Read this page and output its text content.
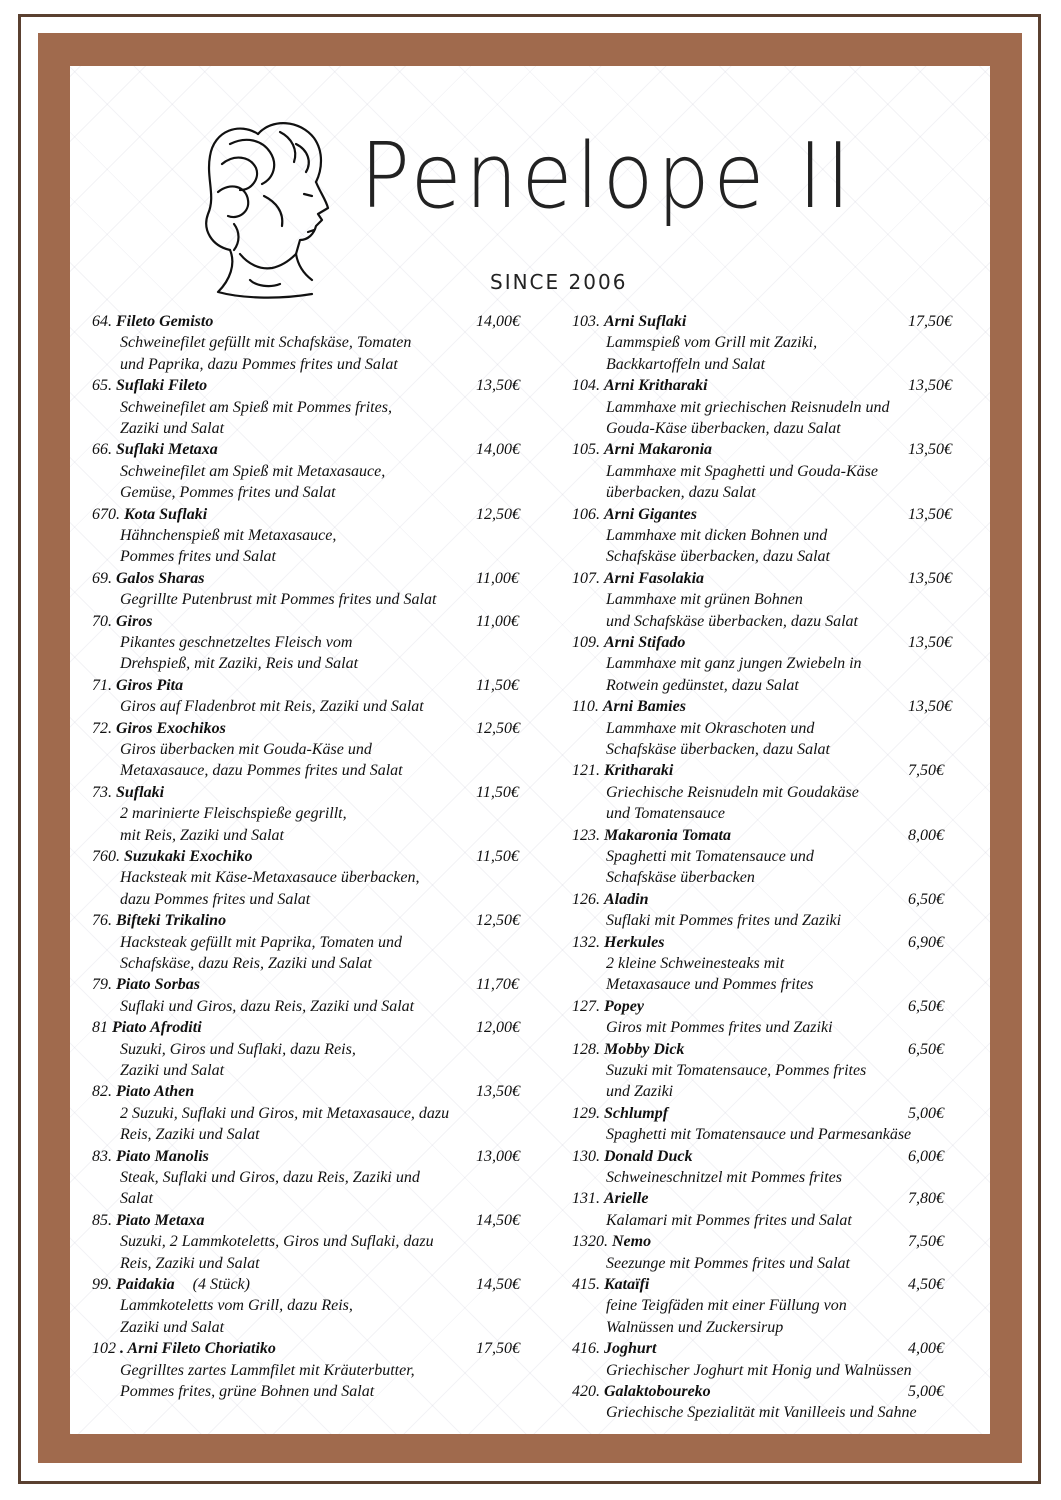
Penelope II
SINCE 2006
64. Fileto Gemisto	14,00€
Schweinefilet gefüllt mit Schafskäse, Tomaten
und Paprika, dazu Pommes frites und Salat
65. Suflaki Fileto	13,50€
Schweinefilet am Spieß mit Pommes frites,
Zaziki und Salat
66. Suflaki Metaxa	14,00€
Schweinefilet am Spieß mit Metaxasauce,
Gemüse, Pommes frites und Salat
670. Kota Suflaki	12,50€
Hähnchenspieß mit Metaxasauce,
Pommes frites und Salat
69. Galos Sharas	11,00€
Gegrillte Putenbrust mit Pommes frites und Salat
70. Giros	11,00€
Pikantes geschnetzeltes Fleisch vom
Drehspieß, mit Zaziki, Reis und Salat
71. Giros Pita	11,50€
Giros auf Fladenbrot mit Reis, Zaziki und Salat
72. Giros Exochikos	12,50€
Giros überbacken mit Gouda-Käse und
Metaxasauce, dazu Pommes frites und Salat
73. Suflaki	11,50€
2 marinierte Fleischspieße gegrillt,
mit Reis, Zaziki und Salat
760. Suzukaki Exochiko	11,50€
Hacksteak mit Käse-Metaxasauce überbacken,
dazu Pommes frites und Salat
76. Bifteki Trikalino	12,50€
Hacksteak gefüllt mit Paprika, Tomaten und
Schafskäse, dazu Reis, Zaziki und Salat
79. Piato Sorbas	11,70€
Suflaki und Giros, dazu Reis, Zaziki und Salat
81 Piato Afroditi	12,00€
Suzuki, Giros und Suflaki, dazu Reis,
Zaziki und Salat
82. Piato Athen	13,50€
2 Suzuki, Suflaki und Giros, mit Metaxasauce, dazu
Reis, Zaziki und Salat
83. Piato Manolis	13,00€
Steak, Suflaki und Giros, dazu Reis, Zaziki und
Salat
85. Piato Metaxa	14,50€
Suzuki, 2 Lammkoteletts, Giros und Suflaki, dazu
Reis, Zaziki und Salat
99. Paidakia (4 Stück)	14,50€
Lammkoteletts vom Grill, dazu Reis,
Zaziki und Salat
102 . Arni Fileto Choriatiko	17,50€
Gegrilltes zartes Lammfilet mit Kräuterbutter,
Pommes frites, grüne Bohnen und Salat
103. Arni Suflaki	17,50€
Lammspieß vom Grill mit Zaziki,
Backkartoffeln und Salat
104. Arni Kritharaki	13,50€
Lammhaxe mit griechischen Reisnudeln und
Gouda-Käse überbacken, dazu Salat
105. Arni Makaronia	13,50€
Lammhaxe mit Spaghetti und Gouda-Käse
überbacken, dazu Salat
106. Arni Gigantes	13,50€
Lammhaxe mit dicken Bohnen und
Schafskäse überbacken, dazu Salat
107. Arni Fasolakia	13,50€
Lammhaxe mit grünen Bohnen
und Schafskäse überbacken, dazu Salat
109. Arni Stifado	13,50€
Lammhaxe mit ganz jungen Zwiebeln in
Rotwein gedünstet, dazu Salat
110. Arni Bamies	13,50€
Lammhaxe mit Okraschoten und
Schafskäse überbacken, dazu Salat
121. Kritharaki	7,50€
Griechische Reisnudeln mit Goudakäse
und Tomatensauce
123. Makaronia Tomata	8,00€
Spaghetti mit Tomatensauce und
Schafskäse überbacken
126. Aladin	6,50€
Suflaki mit Pommes frites und Zaziki
132. Herkules	6,90€
2 kleine Schweinesteaks mit
Metaxasauce und Pommes frites
127. Popey	6,50€
Giros mit Pommes frites und Zaziki
128. Mobby Dick	6,50€
Suzuki mit Tomatensauce, Pommes frites
und Zaziki
129. Schlumpf	5,00€
Spaghetti mit Tomatensauce und Parmesankäse
130. Donald Duck	6,00€
Schweineschnitzel mit Pommes frites
131. Arielle	7,80€
Kalamari mit Pommes frites und Salat
1320. Nemo	7,50€
Seezunge mit Pommes frites und Salat
415. Kataïfi	4,50€
feine Teigfäden mit einer Füllung von
Walnüssen und Zuckersirup
416. Joghurt	4,00€
Griechischer Joghurt mit Honig und Walnüssen
420. Galaktoboureko	5,00€
Griechische Spezialität mit Vanilleeis und Sahne
